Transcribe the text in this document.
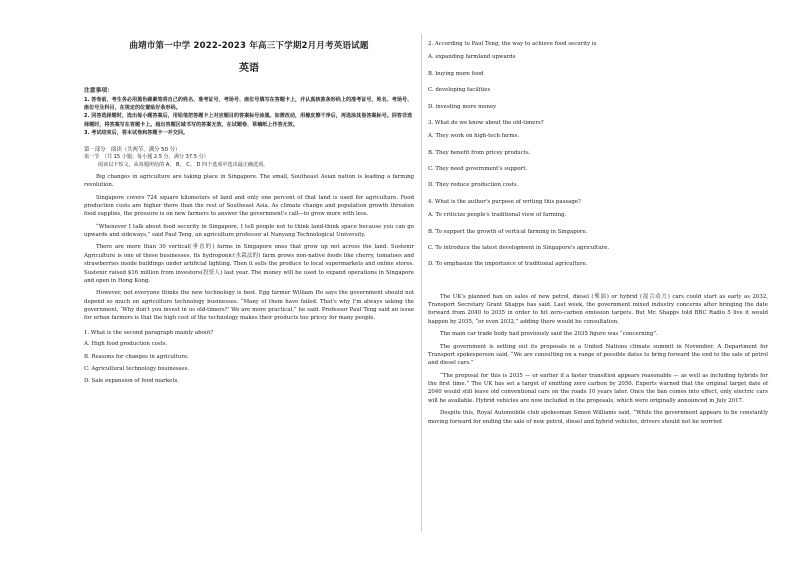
曲靖市第一中学 2022-2023 年高三下学期2月月考英语试题
英语

注意事项：

1. 答卷前，考生务必用黑色碳素笔将自己的姓名、准考证号、考场号、座位号填写在答题卡上，并认真核准条形码上的准考证号，姓名、考场号、座位号及科目，在规定的位置贴好条形码。

2. 回答选择题时，选出每小题答案后，用铅笔把答题卡上对应题目的答案标号涂黑。如需改动，用橡皮擦干净后，再选涂其他答案标号。回答非选择题时，将答案写在答题卡上。超出答题区域书写的答案无效，在试题卷、草稿纸上作答无效。

3. 考试结束后，将本试卷和答题卡一并交回。

第一部分　阅读（共两节，满分 50 分）

第一节　（共 15 小题；每小题 2.5 分，满分 37.5 分）

阅读以下短文，从每题所给的 A、 B、 C、 D 四个选项中选出最正确选项。

Big changes in agriculture are taking place in Singapore. The small, Southeast Asian nation is leading a farming revolution.

Singapore covers 724 square kilometers of land and only one percent of that land is used for agriculture. Food production costs are higher there than the rest of Southeast Asia. As climate change and population growth threaten food supplies, the pressure is on new farmers to answer the government's call—to grow more with less.

“Whenever I talk about food security in Singapore, I tell people not to think land-think space because you can go upwards and sideways,” said Paul Teng, an agriculture professor at Nanyang Technological University.

There are more than 30 vertical(垂直的) farms in Singapore ones that grow up not across the land. Sustenir Agriculture is one of these businesses. Its hydroponic(水栽法的) farm grows non-native foods like cherry, tomatoes and strawberries inside buildings under artificial lighting. Then it sells the produce to local supermarkets and online stores. Sustenir raised $16 million from investors(投资人) last year. The money will be used to expand operations in Singapore and open in Hong Kong.

However, not everyone thinks the new technology is best. Egg farmer William Ho says the government should not depend so much on agriculture technology businesses. “Many of them have failed. That's why I'm always asking the government, ‘Why don't you invest in us old-timers?’ We are more practical,” he said. Professor Paul Teng said an issue for urban farmers is that the high cost of the technology makes their products too pricey for many people.

1. What is the second paragraph mainly about?

A. High food production costs.

B. Reasons for changes in agriculture.

C. Agricultural technology businesses.

D. Sale expansion of food markets.

2. According to Paul Teng, the way to achieve food security is

A. expanding farmland upwards

B. buying more food

C. developing facilities

D. investing more money

3. What do we know about the old-timers?

A. They work on high-tech farms.

B. They benefit from pricey products.

C. They need government's support.

D. They reduce production costs.

4. What is the author's purpose of writing this passage?

A. To criticize people's traditional view of farming.

B. To support the growth of vertical farming in Singapore.

C. To introduce the latest development in Singapore's agriculture.

D. To emphasize the importance of traditional agriculture.

The UK's planned ban on sales of new petrol, diesel (柴油) or hybrid (混合动力) cars could start as early as 2032, Transport Secretary Grant Shapps has said. Last week, the government mixed industry concerns after bringing the date forward from 2040 to 2035 in order to hit zero-carbon emission targets. But Mr. Shapps told BBC Radio 5 live it would happen by 2035, “or even 2032,” adding there would be consultation.

The main car trade body had previously said the 2035 figure was “concerning”.

The government is setting out its proposals in a United Nations climate summit in November. A Department for Transport spokesperson said, “We are consulting on a range of possible dates to bring forward the end to the sale of petrol and diesel cars.”

“The proposal for this is 2035 — or earlier if a faster transition appears reasonable — as well as including hybrids for the first time.” The UK has set a target of emitting zero carbon by 2050. Experts warned that the original target date of 2040 would still leave old conventional cars on the roads 10 years later. Once the ban comes into effect, only electric cars will be available. Hybrid vehicles are now included in the proposals, which were originally announced in July 2017.

Despite this, Royal Automobile club spokesman Simon Williams said, “While the government appears to be constantly moving forward for ending the sale of new petrol, diesel and hybrid vehicles, drivers should not be worried
